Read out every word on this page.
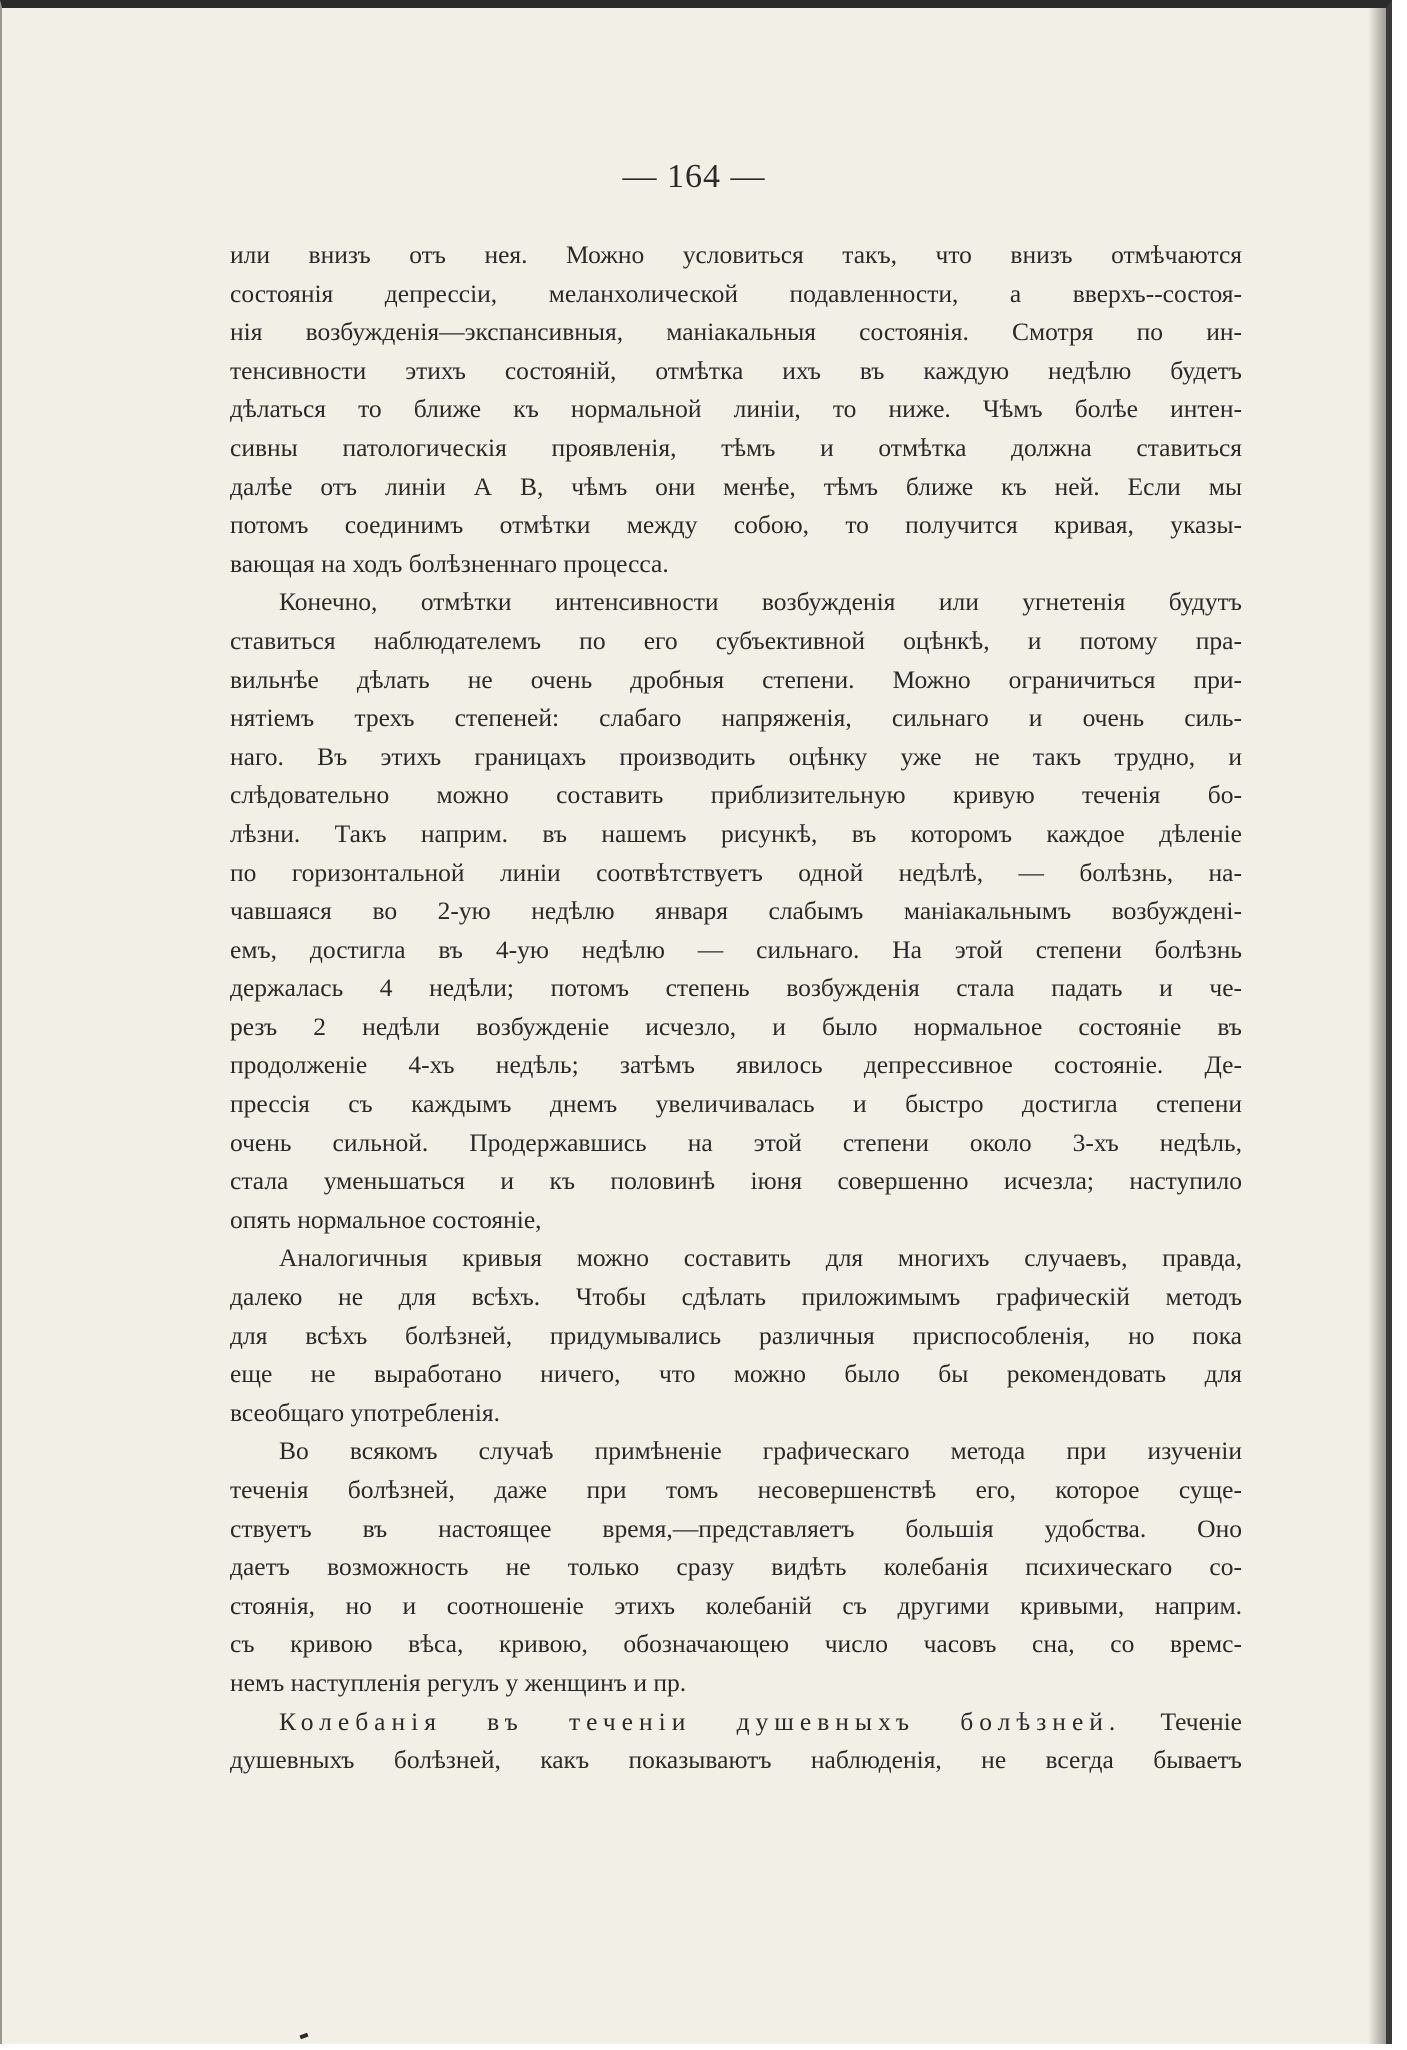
— 164 —
или внизъ отъ нея. Можно условиться такъ, что внизъ отмѣчаются
состоянія депрессіи, меланхолической подавленности, а вверхъ--состоя-
нія возбужденія—экспансивныя, маніакальныя состоянія. Смотря по ин-
тенсивности этихъ состояній, отмѣтка ихъ въ каждую недѣлю будетъ
дѣлаться то ближе къ нормальной линіи, то ниже. Чѣмъ болѣе интен-
сивны патологическія проявленія, тѣмъ и отмѣтка должна ставиться
далѣе отъ линіи А В, чѣмъ они менѣе, тѣмъ ближе къ ней. Если мы
потомъ соединимъ отмѣтки между собою, то получится кривая, указы-
вающая на ходъ болѣзненнаго процесса.
Конечно, отмѣтки интенсивности возбужденія или угнетенія будутъ
ставиться наблюдателемъ по его субъективной оцѣнкѣ, и потому пра-
вильнѣе дѣлать не очень дробныя степени. Можно ограничиться при-
нятіемъ трехъ степеней: слабаго напряженія, сильнаго и очень силь-
наго. Въ этихъ границахъ производить оцѣнку уже не такъ трудно, и
слѣдовательно можно составить приблизительную кривую теченія бо-
лѣзни. Такъ наприм. въ нашемъ рисункѣ, въ которомъ каждое дѣленіе
по горизонтальной линіи соотвѣтствуетъ одной недѣлѣ, — болѣзнь, на-
чавшаяся во 2-ую недѣлю января слабымъ маніакальнымъ возбужденi-
емъ, достигла въ 4-ую недѣлю — сильнаго. На этой степени болѣзнь
держалась 4 недѣли; потомъ степень возбужденія стала падать и че-
резъ 2 недѣли возбужденіе исчезло, и было нормальное состояніе въ
продолженіе 4-хъ недѣль; затѣмъ явилось депрессивное состояніе. Де-
прессія съ каждымъ днемъ увеличивалась и быстро достигла степени
очень сильной. Продержавшись на этой степени около 3-хъ недѣль,
стала уменьшаться и къ половинѣ іюня совершенно исчезла; наступило
опять нормальное состояніе,
Аналогичныя кривыя можно составить для многихъ случаевъ, правда,
далеко не для всѣхъ. Чтобы сдѣлать приложимымъ графическій методъ
для всѣхъ болѣзней, придумывались различныя приспособленія, но пока
еще не выработано ничего, что можно было бы рекомендовать для
всеобщаго употребленія.
Во всякомъ случаѣ примѣненіе графическаго метода при изученіи
теченія болѣзней, даже при томъ несовершенствѣ его, которое суще-
ствуетъ въ настоящее время,—представляетъ большія удобства. Оно
даетъ возможность не только сразу видѣть колебанія психическаго со-
стоянія, но и соотношеніе этихъ колебаній съ другими кривыми, наприм.
съ кривою вѣса, кривою, обозначающею число часовъ сна, со времс-
немъ наступленія регулъ у женщинъ и пр.
Колебанія въ теченіи душевныхъ болѣзней. Теченіе
душевныхъ болѣзней, какъ показываютъ наблюденія, не всегда бываетъ
